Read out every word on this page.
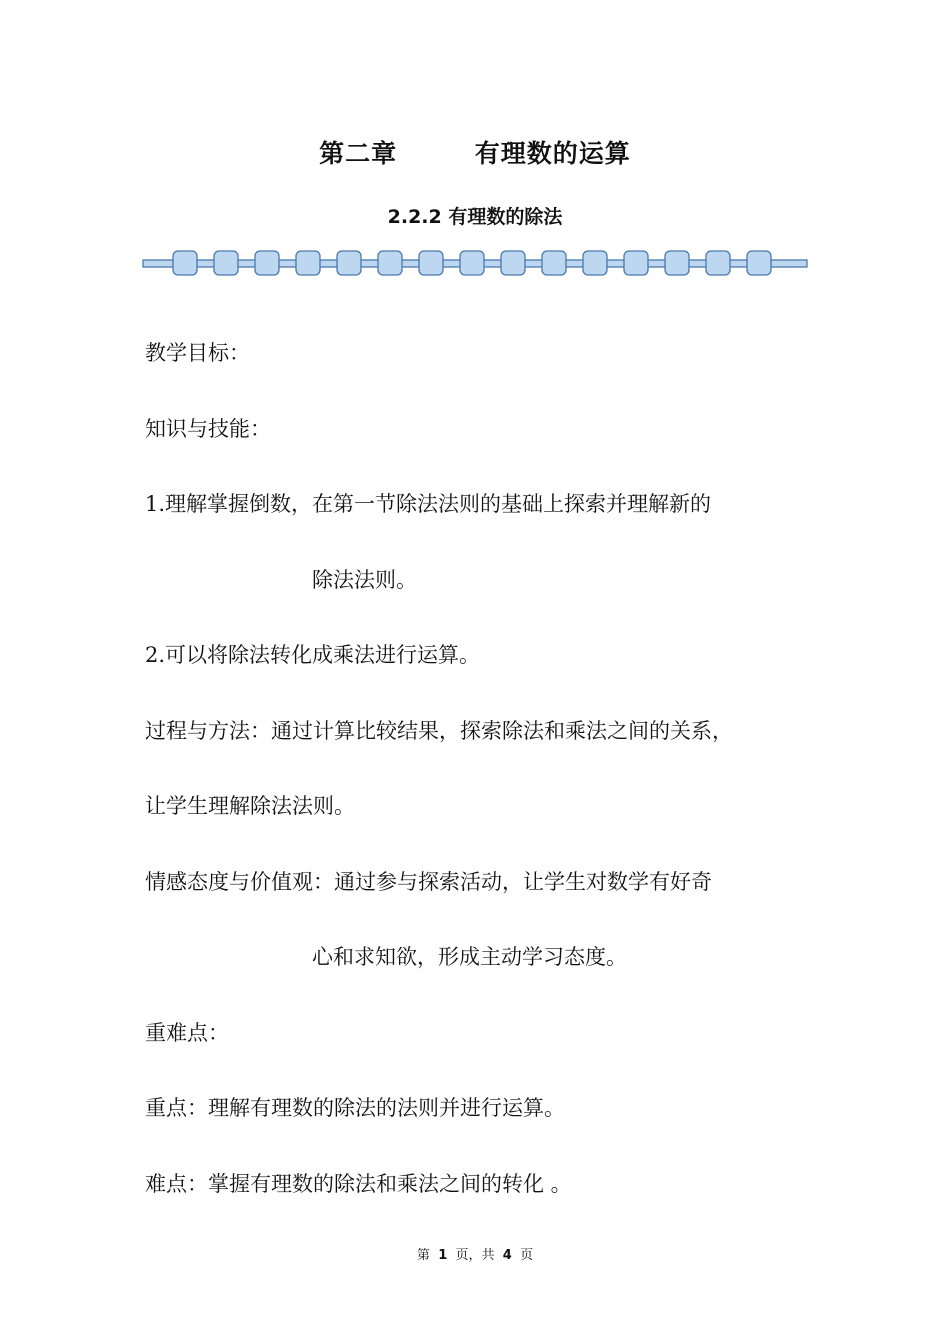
第二章        有理数的运算
2.2.2 有理数的除法
教学目标：
知识与技能：
1.理解掌握倒数，在第一节除法法则的基础上探索并理解新的
除法法则。
2.可以将除法转化成乘法进行运算。
过程与方法：通过计算比较结果，探索除法和乘法之间的关系，
让学生理解除法法则。
情感态度与价值观：通过参与探索活动，让学生对数学有好奇
心和求知欲，形成主动学习态度。
重难点：
重点：理解有理数的除法的法则并进行运算。
难点：掌握有理数的除法和乘法之间的转化 。
第  1  页，共  4  页
